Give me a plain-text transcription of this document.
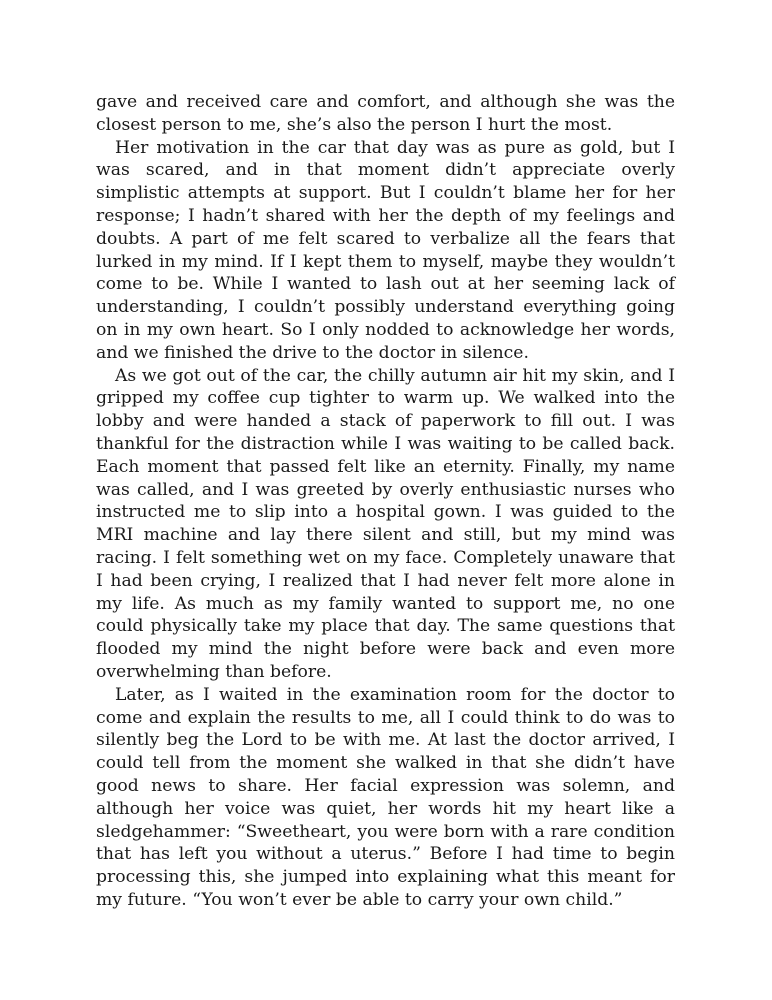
gave and received care and comfort, and although she was the closest person to me, she’s also the person I hurt the most.

Her motivation in the car that day was as pure as gold, but I was scared, and in that moment didn’t appreciate overly simplistic attempts at support. But I couldn’t blame her for her response; I hadn’t shared with her the depth of my feelings and doubts. A part of me felt scared to verbalize all the fears that lurked in my mind. If I kept them to myself, maybe they wouldn’t come to be. While I wanted to lash out at her seeming lack of understanding, I couldn’t possibly understand everything going on in my own heart. So I only nodded to acknowledge her words, and we finished the drive to the doctor in silence.

As we got out of the car, the chilly autumn air hit my skin, and I gripped my coffee cup tighter to warm up. We walked into the lobby and were handed a stack of paperwork to fill out. I was thankful for the distraction while I was waiting to be called back. Each moment that passed felt like an eternity. Finally, my name was called, and I was greeted by overly enthusiastic nurses who instructed me to slip into a hospital gown. I was guided to the MRI machine and lay there silent and still, but my mind was racing. I felt something wet on my face. Completely unaware that I had been crying, I realized that I had never felt more alone in my life. As much as my family wanted to support me, no one could physically take my place that day. The same questions that flooded my mind the night before were back and even more overwhelming than before.

Later, as I waited in the examination room for the doctor to come and explain the results to me, all I could think to do was to silently beg the Lord to be with me. At last the doctor arrived, I could tell from the moment she walked in that she didn’t have good news to share. Her facial expression was solemn, and although her voice was quiet, her words hit my heart like a sledgehammer: “Sweetheart, you were born with a rare condition that has left you without a uterus.” Before I had time to begin processing this, she jumped into explaining what this meant for my future. “You won’t ever be able to carry your own child.”
